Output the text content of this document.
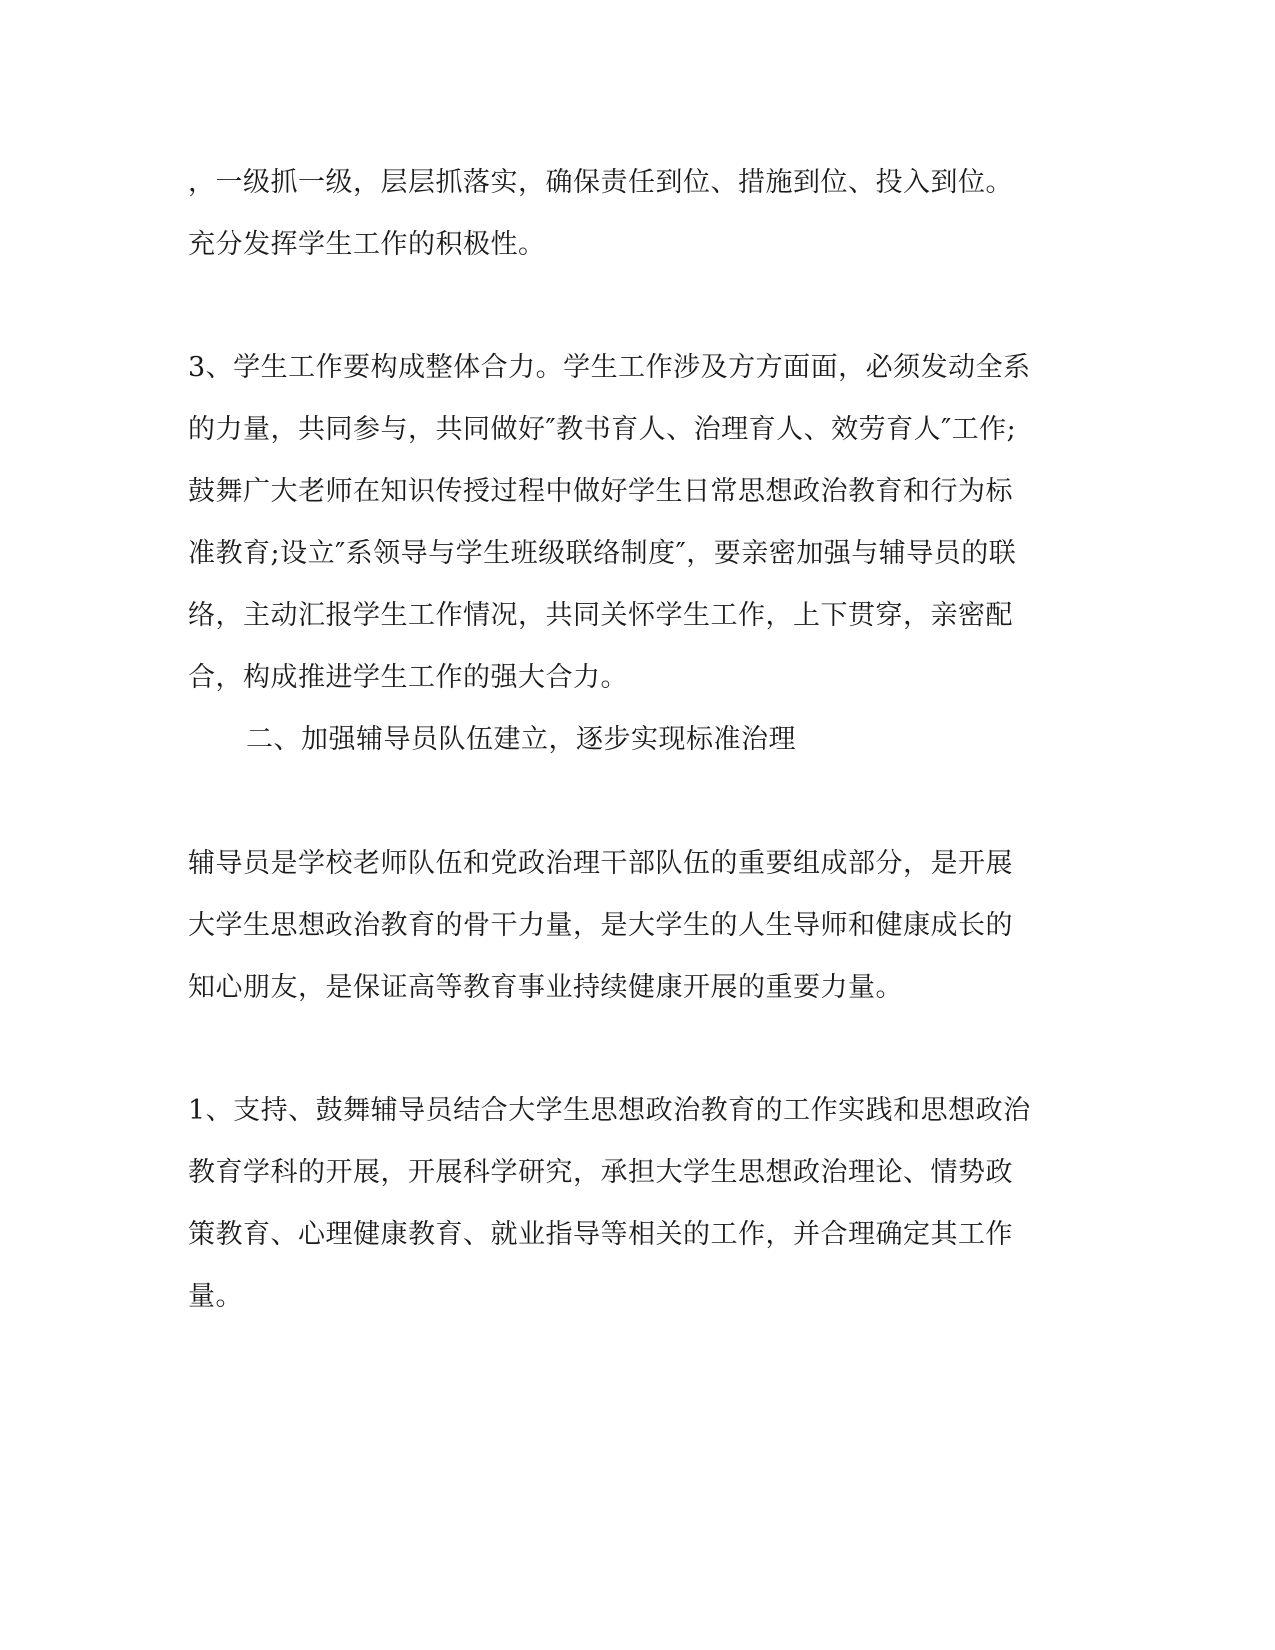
，一级抓一级，层层抓落实，确保责任到位、措施到位、投入到位。
充分发挥学生工作的积极性。
3、学生工作要构成整体合力。学生工作涉及方方面面，必须发动全系
的力量，共同参与，共同做好″教书育人、治理育人、效劳育人″工作;
鼓舞广大老师在知识传授过程中做好学生日常思想政治教育和行为标
准教育;设立″系领导与学生班级联络制度″，要亲密加强与辅导员的联
络，主动汇报学生工作情况，共同关怀学生工作，上下贯穿，亲密配
合，构成推进学生工作的强大合力。
二、加强辅导员队伍建立，逐步实现标准治理
辅导员是学校老师队伍和党政治理干部队伍的重要组成部分，是开展
大学生思想政治教育的骨干力量，是大学生的人生导师和健康成长的
知心朋友，是保证高等教育事业持续健康开展的重要力量。
1、支持、鼓舞辅导员结合大学生思想政治教育的工作实践和思想政治
教育学科的开展，开展科学研究，承担大学生思想政治理论、情势政
策教育、心理健康教育、就业指导等相关的工作，并合理确定其工作
量。
